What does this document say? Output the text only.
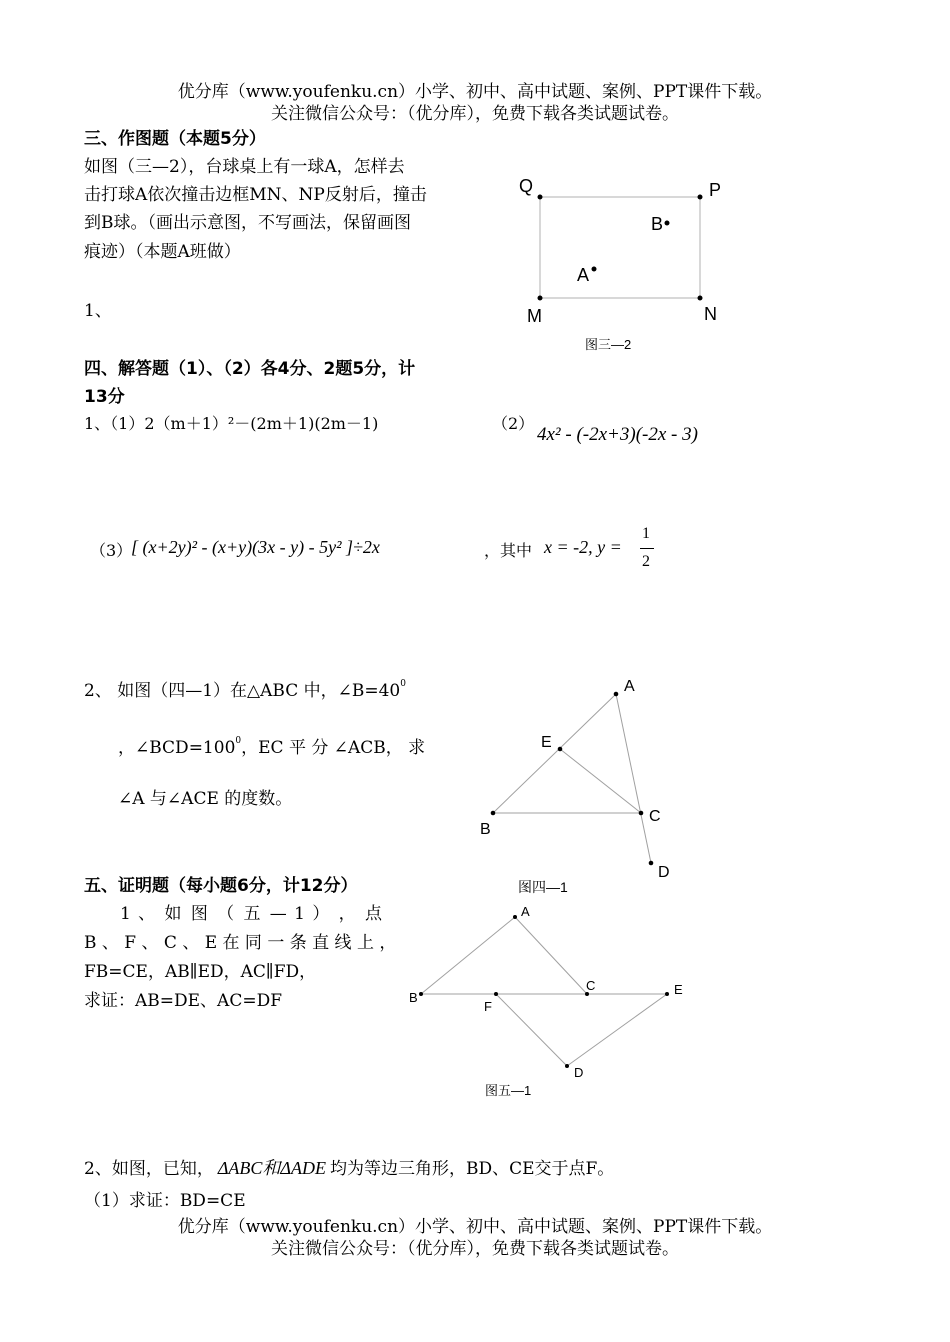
优分库（www.youfenku.cn）小学、初中、高中试题、案例、PPT课件下载。
关注微信公众号：（优分库），免费下载各类试题试卷。
三、作图题（本题5分）
如图（三—2），台球桌上有一球A，怎样去
击打球A依次撞击边框MN、NP反射后，撞击
到B球。（画出示意图，不写画法，保留画图
痕迹）（本题A班做）
1、
Q	P
B
A
M	N
图三—2
四、解答题（1）、（2）各4分、2题5分，计
13分
1、（1）2（m＋1）²－(2m＋1)(2m－1)	（2）
4x² - (-2x+3)(-2x - 3)
（3）
[ (x+2y)² - (x+y)(3x - y) - 5y² ]÷2x	，其中 x = -2, y =
1
2
2、 如图（四—1）在△ABC 中，$\angle B=40^0$
，$\angle BCD=100^0$，EC 平 分 ∠ACB， 求
∠A 与∠ACE 的度数。
A
E
B
C
D
图四—1
五、证明题（每小题6分，计12分）
1 、 如 图 （ 五 — 1 ） ， 点
B 、 F 、 C 、 E 在 同 一 条 直 线 上 ，
FB=CE，AB∥ED，AC∥FD，
求证：AB=DE、AC=DF
A
B
F
C	E
D
图五—1
2、如图，已知， ΔABC和ΔADE 均为等边三角形，BD、CE交于点F。
（1）求证：BD=CE
优分库（www.youfenku.cn）小学、初中、高中试题、案例、PPT课件下载。
关注微信公众号：（优分库），免费下载各类试题试卷。
